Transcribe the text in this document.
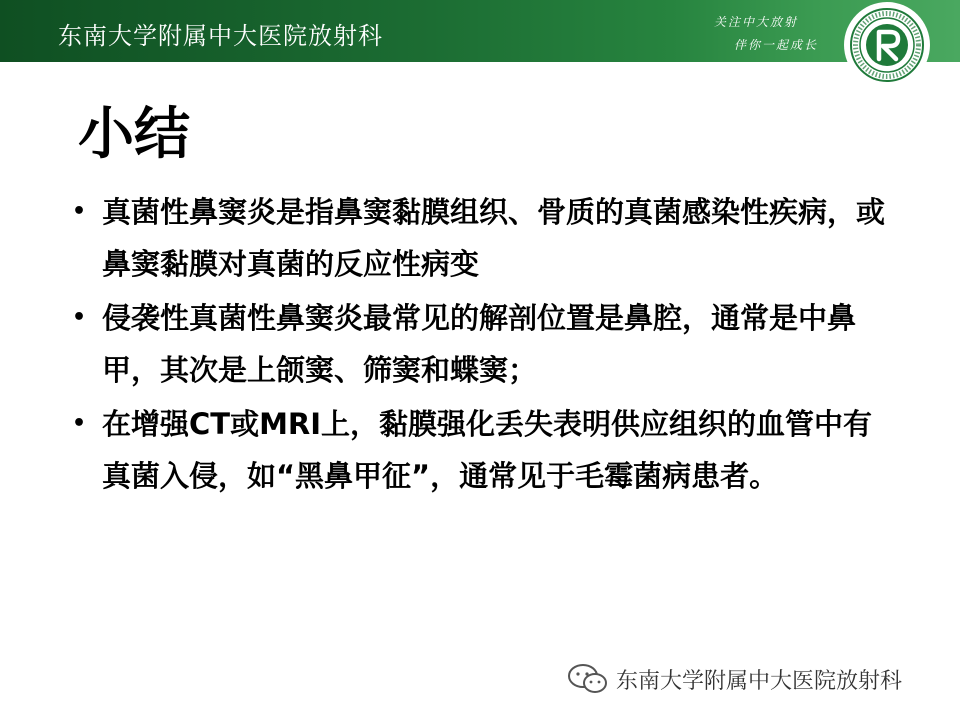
东南大学附属中大医院放射科	关注中大放射
伴你一起成长
小结
• 真菌性鼻窦炎是指鼻窦黏膜组织、骨质的真菌感染性疾病，或鼻窦黏膜对真菌的反应性病变
• 侵袭性真菌性鼻窦炎最常见的解剖位置是鼻腔，通常是中鼻甲，其次是上颌窦、筛窦和蝶窦；
• 在增强CT或MRI上，黏膜强化丢失表明供应组织的血管中有真菌入侵，如“黑鼻甲征”，通常见于毛霉菌病患者。
东南大学附属中大医院放射科
